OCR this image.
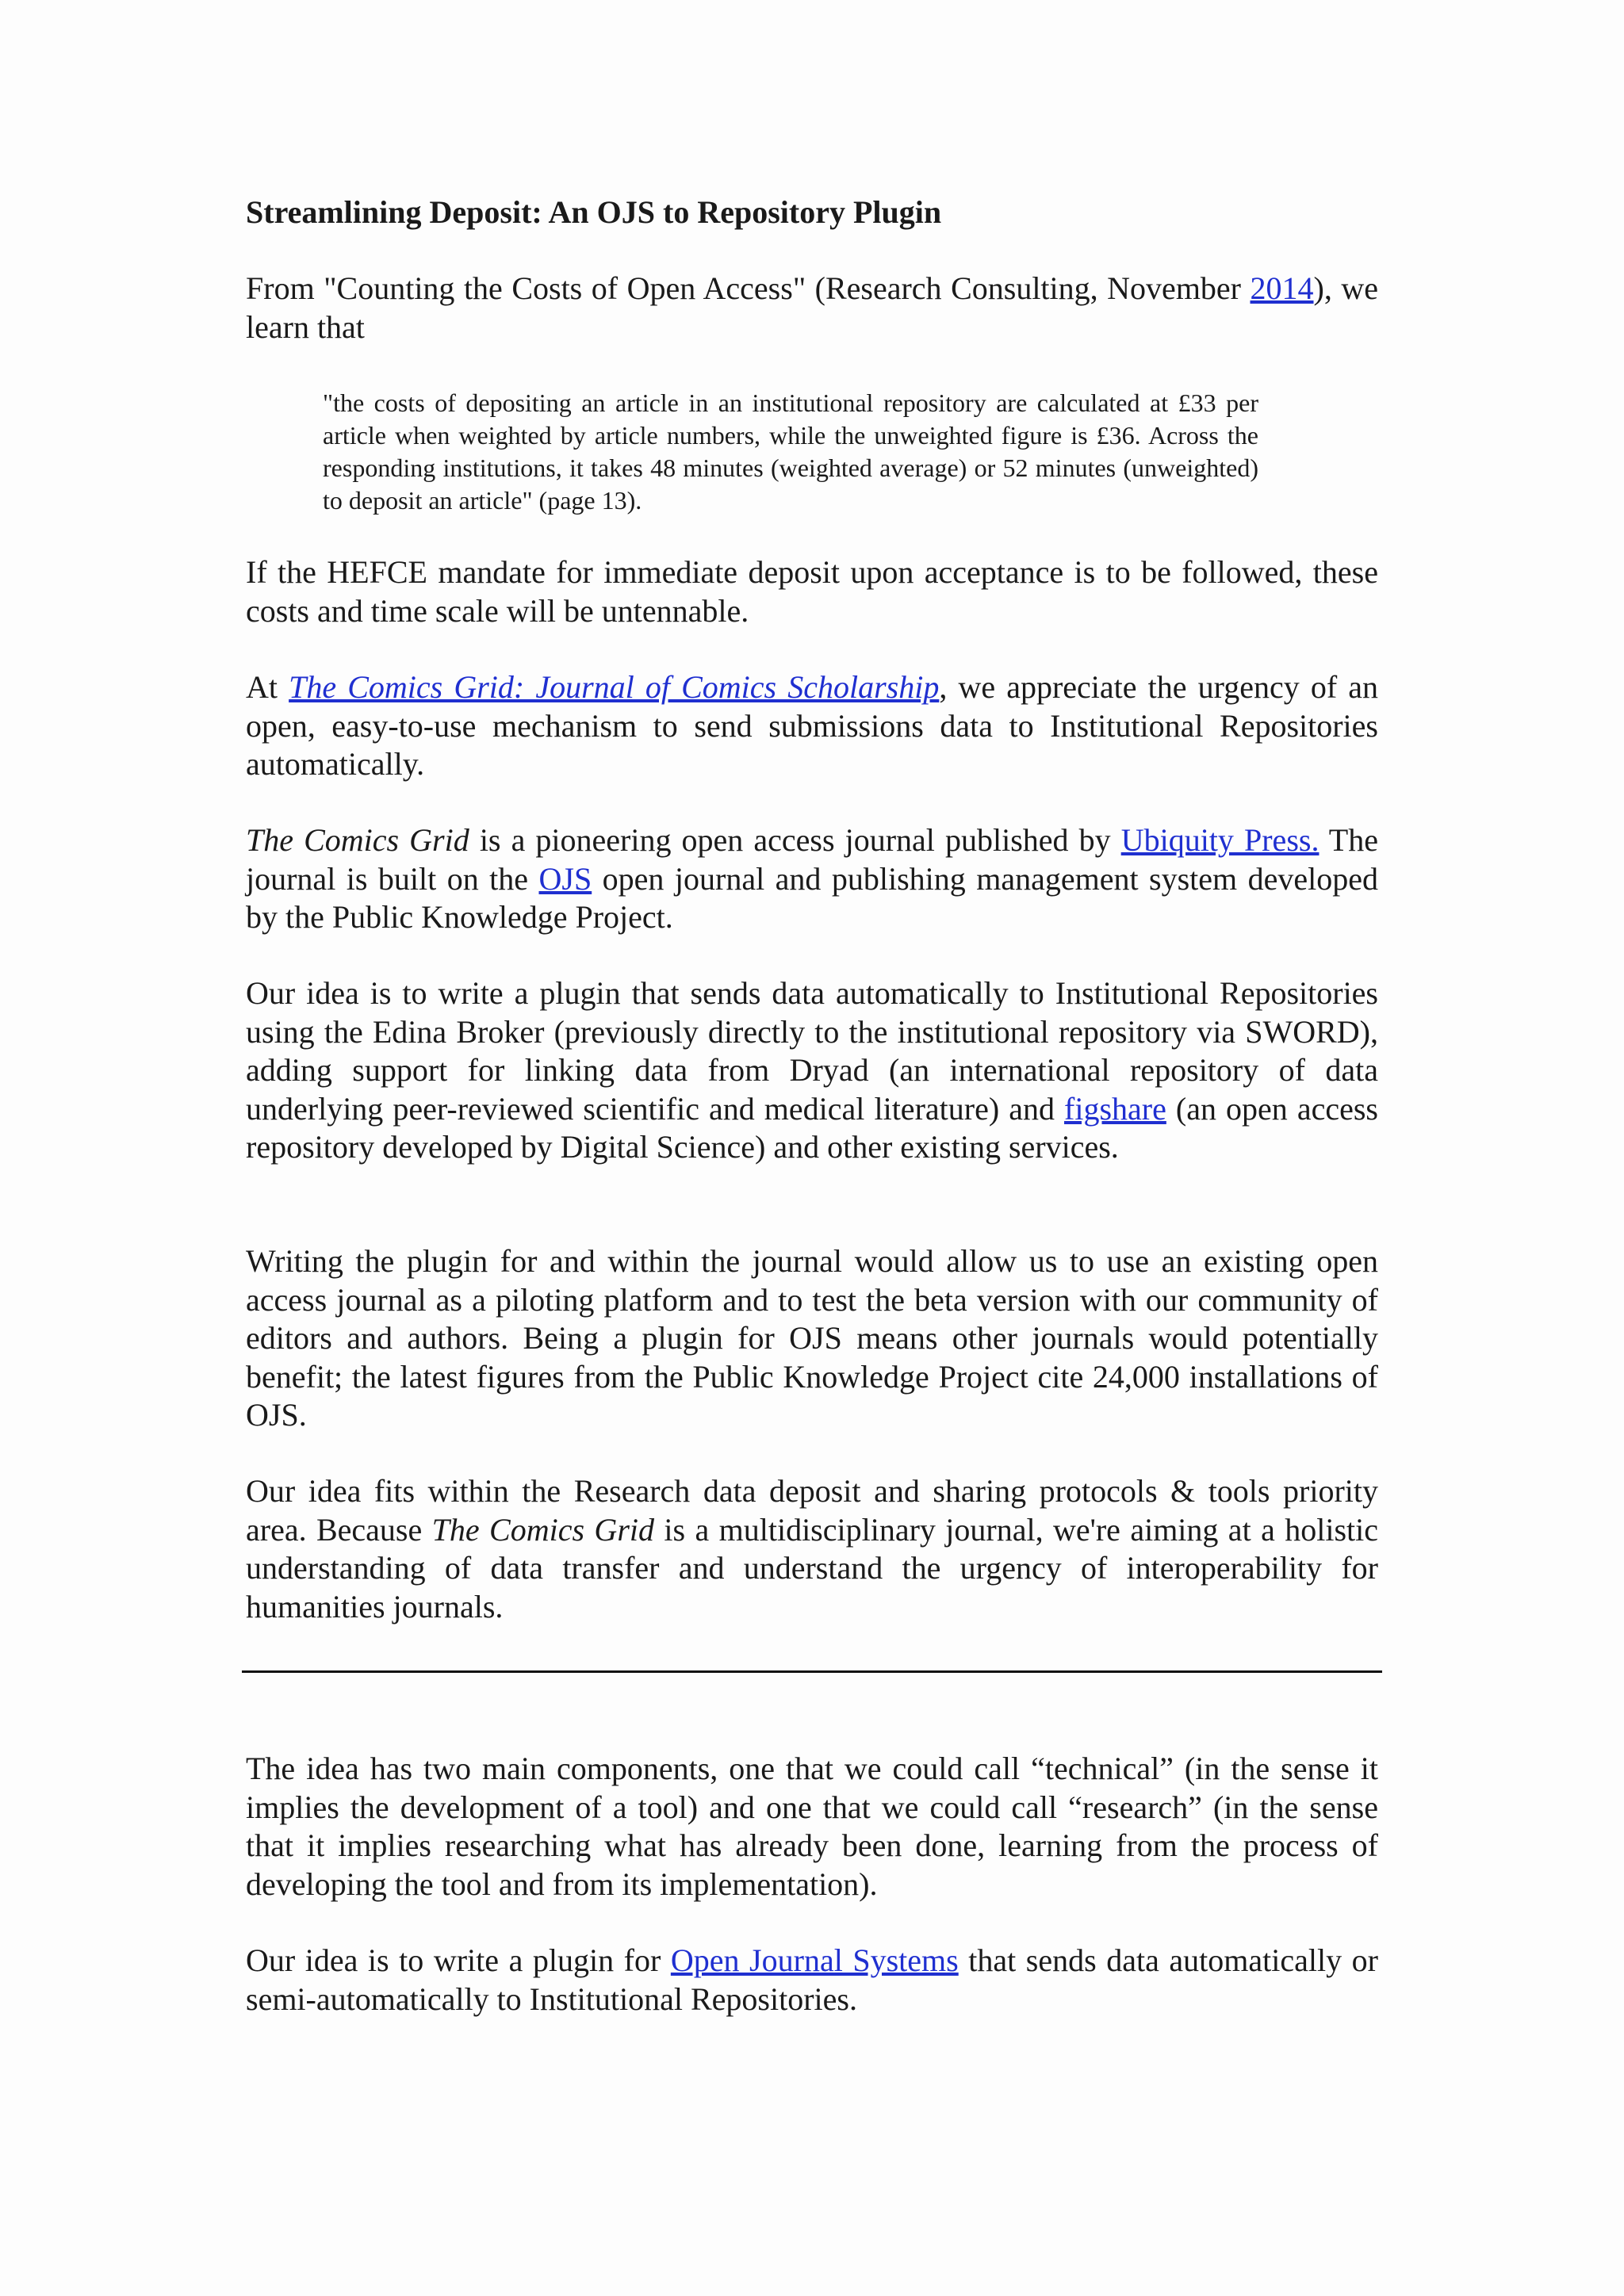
Streamlining Deposit: An OJS to Repository Plugin

From "Counting the Costs of Open Access" (Research Consulting, November 2014), we learn that

"the costs of depositing an article in an institutional repository are calculated at £33 per article when weighted by article numbers, while the unweighted figure is £36. Across the responding institutions, it takes 48 minutes (weighted average) or 52 minutes (unweighted) to deposit an article" (page 13).

If the HEFCE mandate for immediate deposit upon acceptance is to be followed, these costs and time scale will be untennable.

At The Comics Grid: Journal of Comics Scholarship, we appreciate the urgency of an open, easy-to-use mechanism to send submissions data to Institutional Repositories automatically.

The Comics Grid is a pioneering open access journal published by Ubiquity Press. The journal is built on the OJS open journal and publishing management system developed by the Public Knowledge Project.

Our idea is to write a plugin that sends data automatically to Institutional Repositories using the Edina Broker (previously directly to the institutional repository via SWORD), adding support for linking data from Dryad (an international repository of data underlying peer-reviewed scientific and medical literature) and figshare (an open access repository developed by Digital Science) and other existing services.

Writing the plugin for and within the journal would allow us to use an existing open access journal as a piloting platform and to test the beta version with our community of editors and authors. Being a plugin for OJS means other journals would potentially benefit; the latest figures from the Public Knowledge Project cite 24,000 installations of OJS.

Our idea fits within the Research data deposit and sharing protocols & tools priority area. Because The Comics Grid is a multidisciplinary journal, we're aiming at a holistic understanding of data transfer and understand the urgency of interoperability for humanities journals.

The idea has two main components, one that we could call “technical” (in the sense it implies the development of a tool) and one that we could call “research” (in the sense that it implies researching what has already been done, learning from the process of developing the tool and from its implementation).

Our idea is to write a plugin for Open Journal Systems that sends data automatically or semi-automatically to Institutional Repositories.
